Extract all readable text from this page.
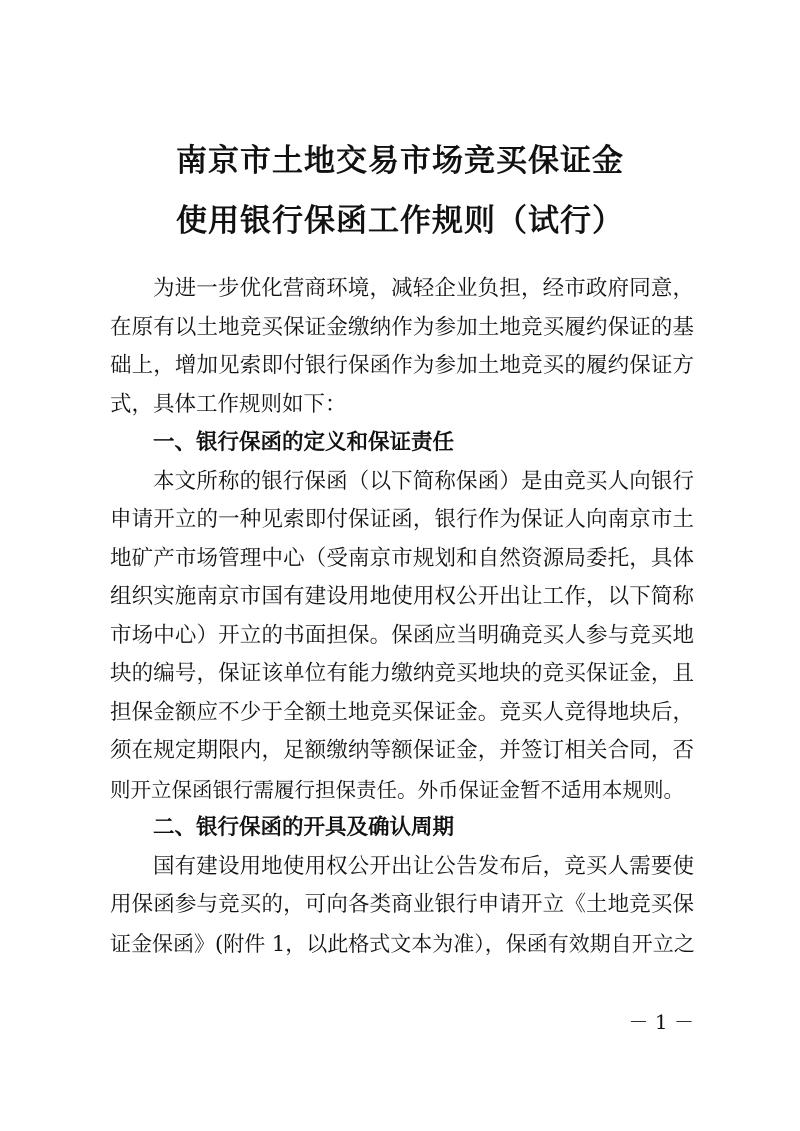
南京市土地交易市场竞买保证金
使用银行保函工作规则（试行）
为进一步优化营商环境，减轻企业负担，经市政府同意，
在原有以土地竞买保证金缴纳作为参加土地竞买履约保证的基
础上，增加见索即付银行保函作为参加土地竞买的履约保证方
式，具体工作规则如下：
一、银行保函的定义和保证责任
本文所称的银行保函（以下简称保函）是由竞买人向银行
申请开立的一种见索即付保证函，银行作为保证人向南京市土
地矿产市场管理中心（受南京市规划和自然资源局委托，具体
组织实施南京市国有建设用地使用权公开出让工作，以下简称
市场中心）开立的书面担保。保函应当明确竞买人参与竞买地
块的编号，保证该单位有能力缴纳竞买地块的竞买保证金，且
担保金额应不少于全额土地竞买保证金。竞买人竞得地块后，
须在规定期限内，足额缴纳等额保证金，并签订相关合同，否
则开立保函银行需履行担保责任。外币保证金暂不适用本规则。
二、银行保函的开具及确认周期
国有建设用地使用权公开出让公告发布后，竞买人需要使
用保函参与竞买的，可向各类商业银行申请开立《土地竞买保
证金保函》(附件 1，以此格式文本为准），保函有效期自开立之
－ 1 －
